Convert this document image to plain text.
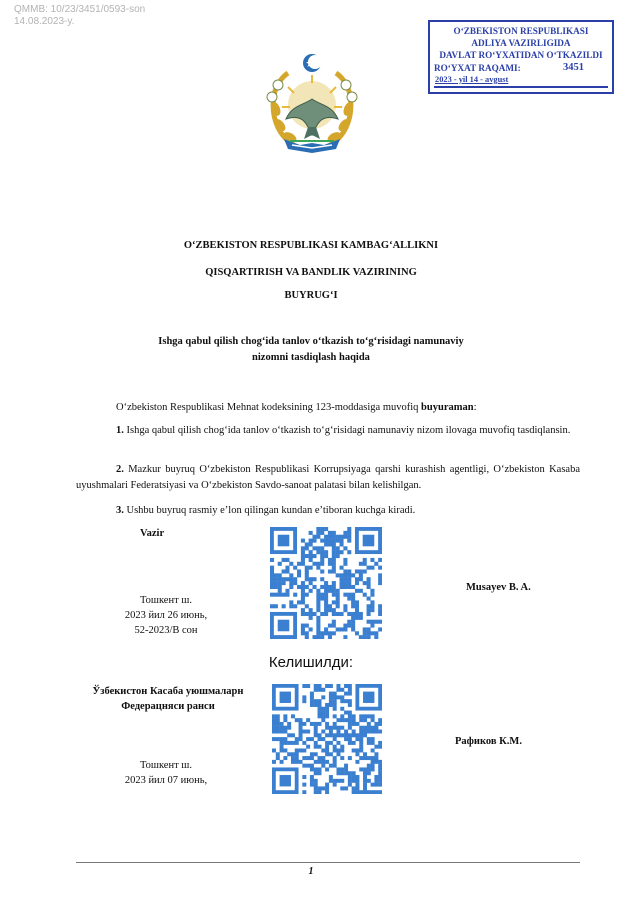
QMMB: 10/23/3451/0593-son
14.08.2023-y.
O‘ZBEKISTON RESPUBLIKASI
ADLIYA VAZIRLIGIDA
DAVLAT RO‘YXATIDAN O‘TKAZILDI
RO‘YXAT RAQAMI:	3451
2023 - yil 14 - avgust
O‘ZBEKISTON RESPUBLIKASI KAMBAG‘ALLIKNI
QISQARTIRISH VA BANDLIK VAZIRINING
BUYRUG‘I
Ishga qabul qilish chog‘ida tanlov o‘tkazish to‘g‘risidagi namunaviy
nizomni tasdiqlash haqida
O‘zbekiston Respublikasi Mehnat kodeksining 123-moddasiga muvofiq buyuraman:
1. Ishga qabul qilish chog‘ida tanlov o‘tkazish to‘g‘risidagi namunaviy nizom ilovaga muvofiq tasdiqlansin.
2. Mazkur buyruq O‘zbekiston Respublikasi Korrupsiyaga qarshi kurashish agentligi, O‘zbekiston Kasaba uyushmalari Federatsiyasi va O‘zbekiston Savdo-sanoat palatasi bilan kelishilgan.
3. Ushbu buyruq rasmiy e’lon qilingan kundan e’tiboran kuchga kiradi.
Vazir
Тошкент ш.
2023 йил 26 июнь,
52-2023/В сон
Musayev B. A.
Келишилди:
Ўзбекистон Касаба уюшмаларн
Федерацняси ранси
Тошкент ш.
2023 йил 07 июнь,
Рафиков К.М.
1
